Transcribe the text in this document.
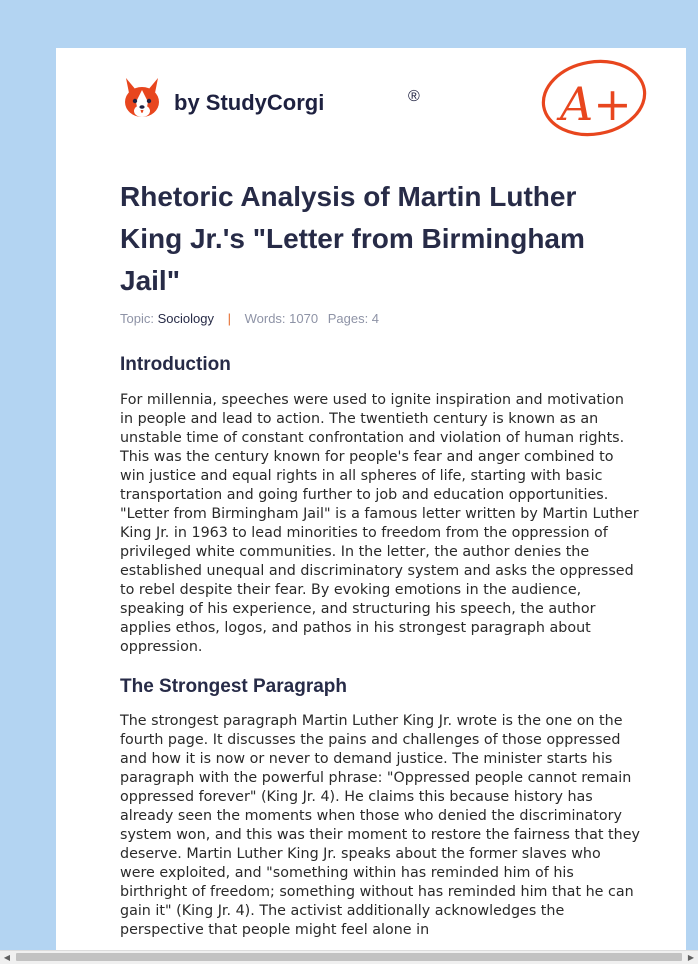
by StudyCorgi	®	A+
Rhetoric Analysis of Martin Luther King Jr.'s "Letter from Birmingham Jail"
Topic: Sociology | Words: 1070 Pages: 4
Introduction

For millennia, speeches were used to ignite inspiration and motivation in people and lead to action. The twentieth century is known as an unstable time of constant confrontation and violation of human rights. This was the century known for people's fear and anger combined to win justice and equal rights in all spheres of life, starting with basic transportation and going further to job and education opportunities. "Letter from Birmingham Jail" is a famous letter written by Martin Luther King Jr. in 1963 to lead minorities to freedom from the oppression of privileged white communities. In the letter, the author denies the established unequal and discriminatory system and asks the oppressed to rebel despite their fear. By evoking emotions in the audience, speaking of his experience, and structuring his speech, the author applies ethos, logos, and pathos in his strongest paragraph about oppression.

The Strongest Paragraph

The strongest paragraph Martin Luther King Jr. wrote is the one on the fourth page. It discusses the pains and challenges of those oppressed and how it is now or never to demand justice. The minister starts his paragraph with the powerful phrase: "Oppressed people cannot remain oppressed forever" (King Jr. 4). He claims this because history has already seen the moments when those who denied the discriminatory system won, and this was their moment to restore the fairness that they deserve. Martin Luther King Jr. speaks about the former slaves who were exploited, and "something within has reminded him of his birthright of freedom; something without has reminded him that he can gain it" (King Jr. 4). The activist additionally acknowledges the perspective that people might feel alone in

◀	▶
